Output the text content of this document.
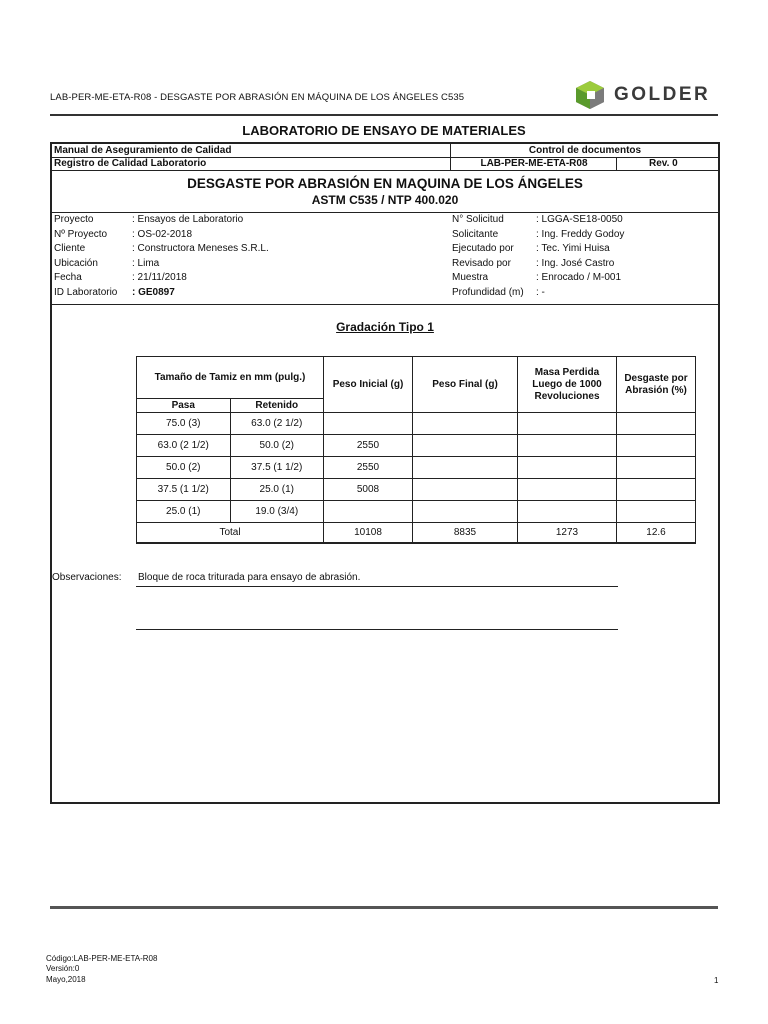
LAB-PER-ME-ETA-R08 - DESGASTE POR ABRASIÓN EN MÁQUINA DE LOS ÁNGELES C535	GOLDER
LABORATORIO DE ENSAYO DE MATERIALES
Manual de Aseguramiento de Calidad	Control de documentos
Registro de Calidad Laboratorio	LAB-PER-ME-ETA-R08	Rev. 0
DESGASTE POR ABRASIÓN EN MAQUINA DE LOS ÁNGELES
ASTM C535 / NTP 400.020
Proyecto	: Ensayos de Laboratorio
Nº Proyecto : OS-02-2018
Cliente	: Constructora Meneses S.R.L.
Ubicación	: Lima
Fecha	: 21/11/2018
ID Laboratorio : GE0897
N° Solicitud	: LGGA-SE18-0050
Solicitante	: Ing. Freddy Godoy
Ejecutado por : Tec. Yimi Huisa
Revisado por	: Ing. José Castro
Muestra	: Enrocado / M-001
Profundidad (m) : -
Gradación Tipo 1
Tamaño de Tamiz en mm (pulg.)		Peso Inicial (g)	Peso Final (g)	Masa Perdida Luego de 1000 Revoluciones	Desgaste por Abrasión (%)
Pasa	Retenido				
75.0 (3)	63.0 (2 1/2)				
63.0 (2 1/2)	50.0 (2)	2550			
50.0 (2)	37.5 (1 1/2)	2550			
37.5 (1 1/2)	25.0 (1)	5008			
25.0 (1)	19.0 (3/4)				
Total		10108	8835	1273	12.6
Observaciones: Bloque de roca triturada para ensayo de abrasión.
Código:LAB-PER-ME-ETA-R08
Versión:0
Mayo,2018	1
